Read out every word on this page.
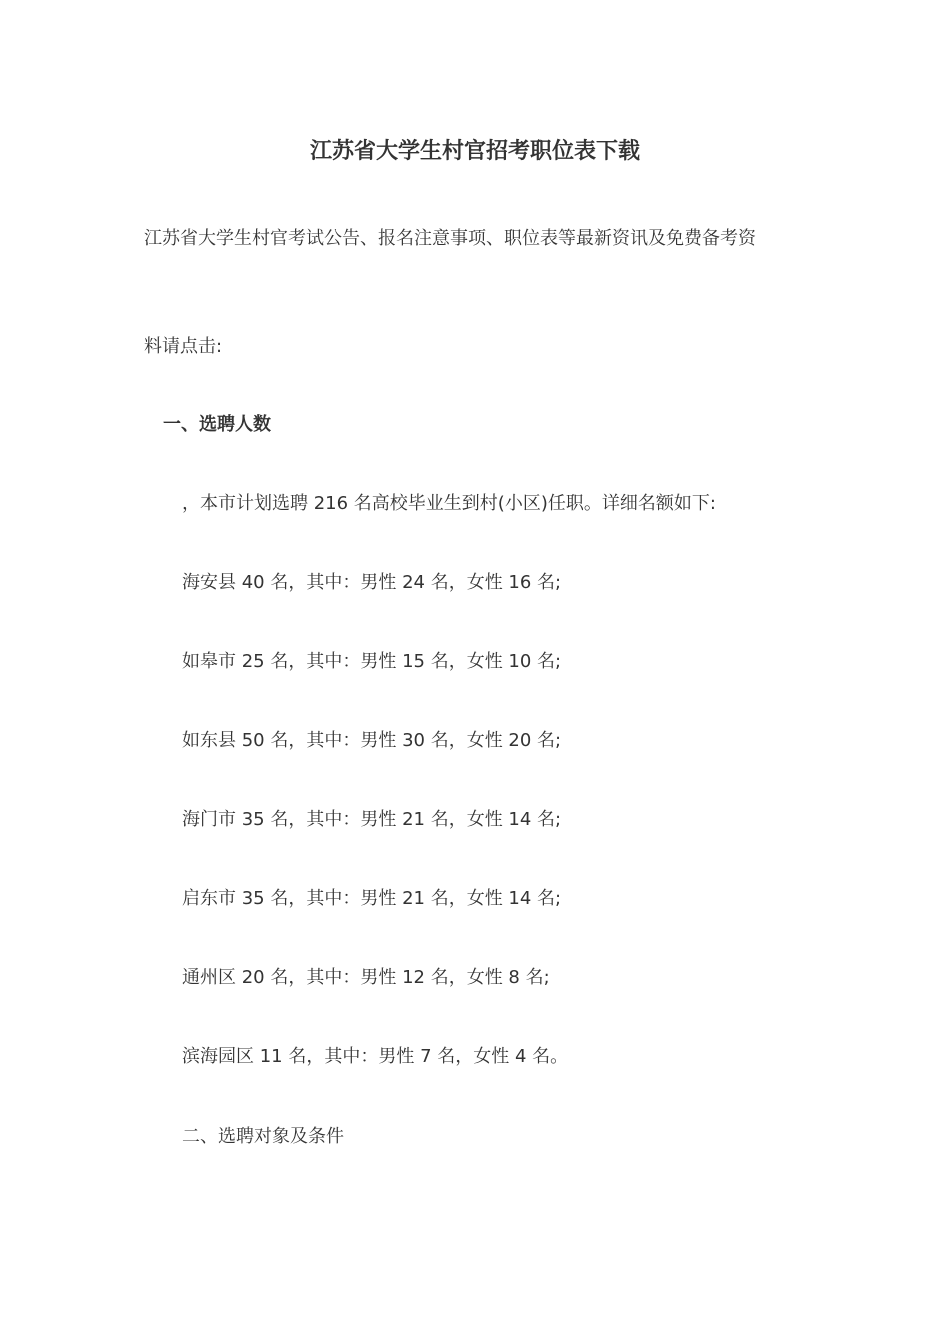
江苏省大学生村官招考职位表下载
江苏省大学生村官考试公告、报名注意事项、职位表等最新资讯及免费备考资
料请点击:
一、选聘人数
，本市计划选聘 216 名高校毕业生到村(小区)任职。详细名额如下:
海安县 40 名，其中：男性 24 名，女性 16 名;
如皋市 25 名，其中：男性 15 名，女性 10 名;
如东县 50 名，其中：男性 30 名，女性 20 名;
海门市 35 名，其中：男性 21 名，女性 14 名;
启东市 35 名，其中：男性 21 名，女性 14 名;
通州区 20 名，其中：男性 12 名，女性 8 名;
滨海园区 11 名，其中：男性 7 名，女性 4 名。
二、选聘对象及条件
